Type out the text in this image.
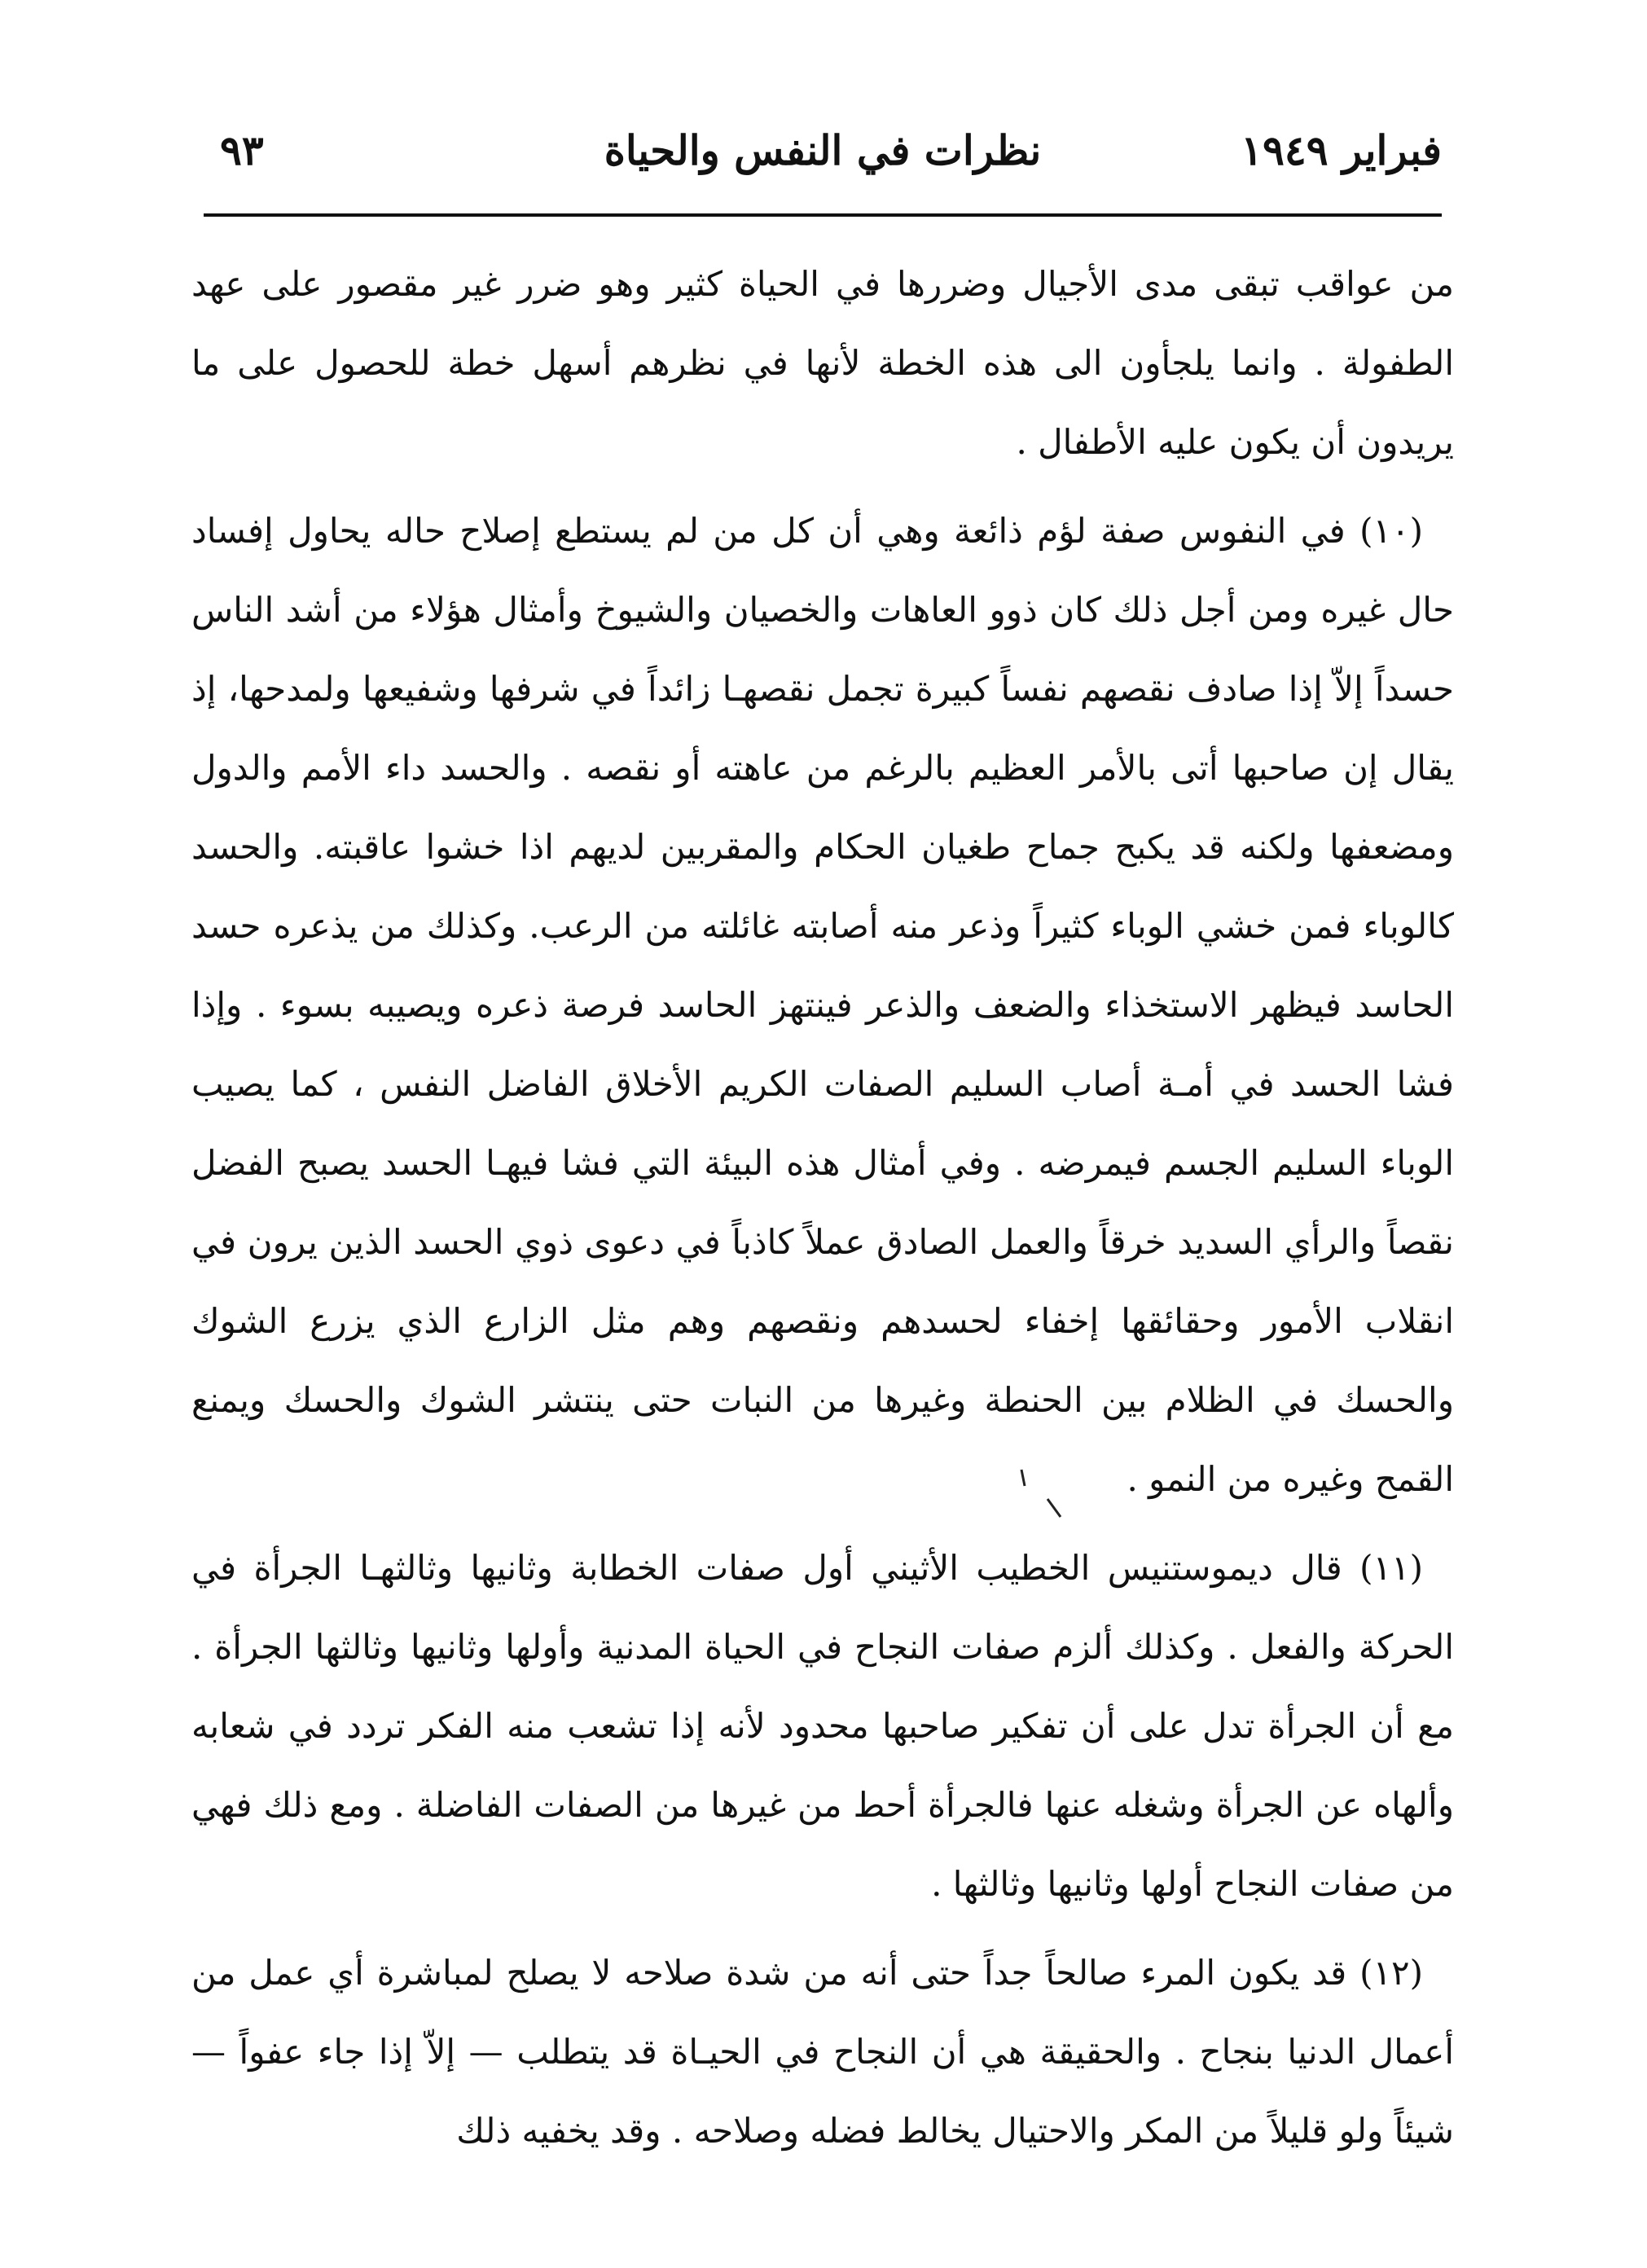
فبراير ١٩٤٩
نظرات في النفس والحياة
٩٣

من عواقب تبقى مدى الأجيال وضررها في الحياة كثير وهو ضرر غير مقصور على عهد الطفولة . وانما يلجأون الى هذه الخطة لأنها في نظرهم أسهل خطة للحصول على ما يريدون أن يكون عليه الأطفال .

(١٠) في النفوس صفة لؤم ذائعة وهي أن كل من لم يستطع إصلاح حاله يحاول إفساد حال غيره ومن أجل ذلك كان ذوو العاهات والخصيان والشيوخ وأمثال هؤلاء من أشد الناس حسداً إلاّ إذا صادف نقصهم نفساً كبيرة تجمل نقصهـا زائداً في شرفها وشفيعها ولمدحها، إذ يقال إن صاحبها أتى بالأمر العظيم بالرغم من عاهته أو نقصه . والحسد داء الأمم والدول ومضعفها ولكنه قد يكبح جماح طغيان الحكام والمقربين لديهم اذا خشوا عاقبته. والحسد كالوباء فمن خشي الوباء كثيراً وذعر منه أصابته غائلته من الرعب. وكذلك من يذعره حسد الحاسد فيظهر الاستخذاء والضعف والذعر فينتهز الحاسد فرصة ذعره ويصيبه بسوء . وإذا فشا الحسد في أمـة أصاب السليم الصفات الكريم الأخلاق الفاضل النفس ، كما يصيب الوباء السليم الجسم فيمرضه . وفي أمثال هذه البيئة التي فشا فيهـا الحسد يصبح الفضل نقصاً والرأي السديد خرقاً والعمل الصادق عملاً كاذباً في دعوى ذوي الحسد الذين يرون في انقلاب الأمور وحقائقها إخفاء لحسدهم ونقصهم وهم مثل الزارع الذي يزرع الشوك والحسك في الظلام بين الحنطة وغيرها من النبات حتى ينتشر الشوك والحسك ويمنع القمح وغيره من النمو .

(١١) قال ديموستنيس الخطيب الأثيني أول صفات الخطابة وثانيها وثالثهـا الجرأة في الحركة والفعل . وكذلك ألزم صفات النجاح في الحياة المدنية وأولها وثانيها وثالثها الجرأة . مع أن الجرأة تدل على أن تفكير صاحبها محدود لأنه إذا تشعب منه الفكر تردد في شعابه وألهاه عن الجرأة وشغله عنها فالجرأة أحط من غيرها من الصفات الفاضلة . ومع ذلك فهي من صفات النجاح أولها وثانيها وثالثها .

(١٢) قد يكون المرء صالحاً جداً حتى أنه من شدة صلاحه لا يصلح لمباشرة أي عمل من أعمال الدنيا بنجاح . والحقيقة هي أن النجاح في الحيـاة قد يتطلب — إلاّ إذا جاء عفواً — شيئاً ولو قليلاً من المكر والاحتيال يخالط فضله وصلاحه . وقد يخفيه ذلك
